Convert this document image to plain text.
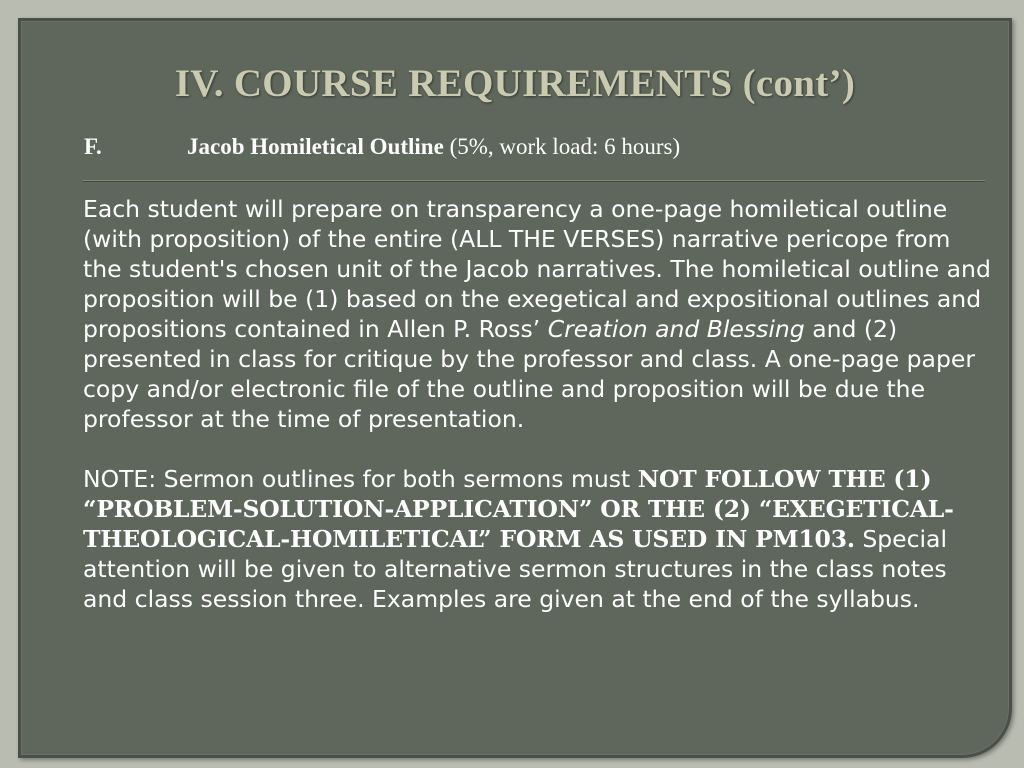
IV. COURSE REQUIREMENTS (cont’)
F.	Jacob Homiletical Outline (5%, work load: 6 hours)

Each student will prepare on transparency a one-page homiletical outline (with proposition) of the entire (ALL THE VERSES) narrative pericope from the student's chosen unit of the Jacob narratives. The homiletical outline and proposition will be (1) based on the exegetical and expositional outlines and propositions contained in Allen P. Ross’ Creation and Blessing and (2) presented in class for critique by the professor and class. A one-page paper copy and/or electronic file of the outline and proposition will be due the professor at the time of presentation.

NOTE: Sermon outlines for both sermons must NOT FOLLOW THE (1) “PROBLEM-SOLUTION-APPLICATION” OR THE (2) “EXEGETICAL-THEOLOGICAL-HOMILETICAL” FORM AS USED IN PM103. Special attention will be given to alternative sermon structures in the class notes and class session three. Examples are given at the end of the syllabus.
